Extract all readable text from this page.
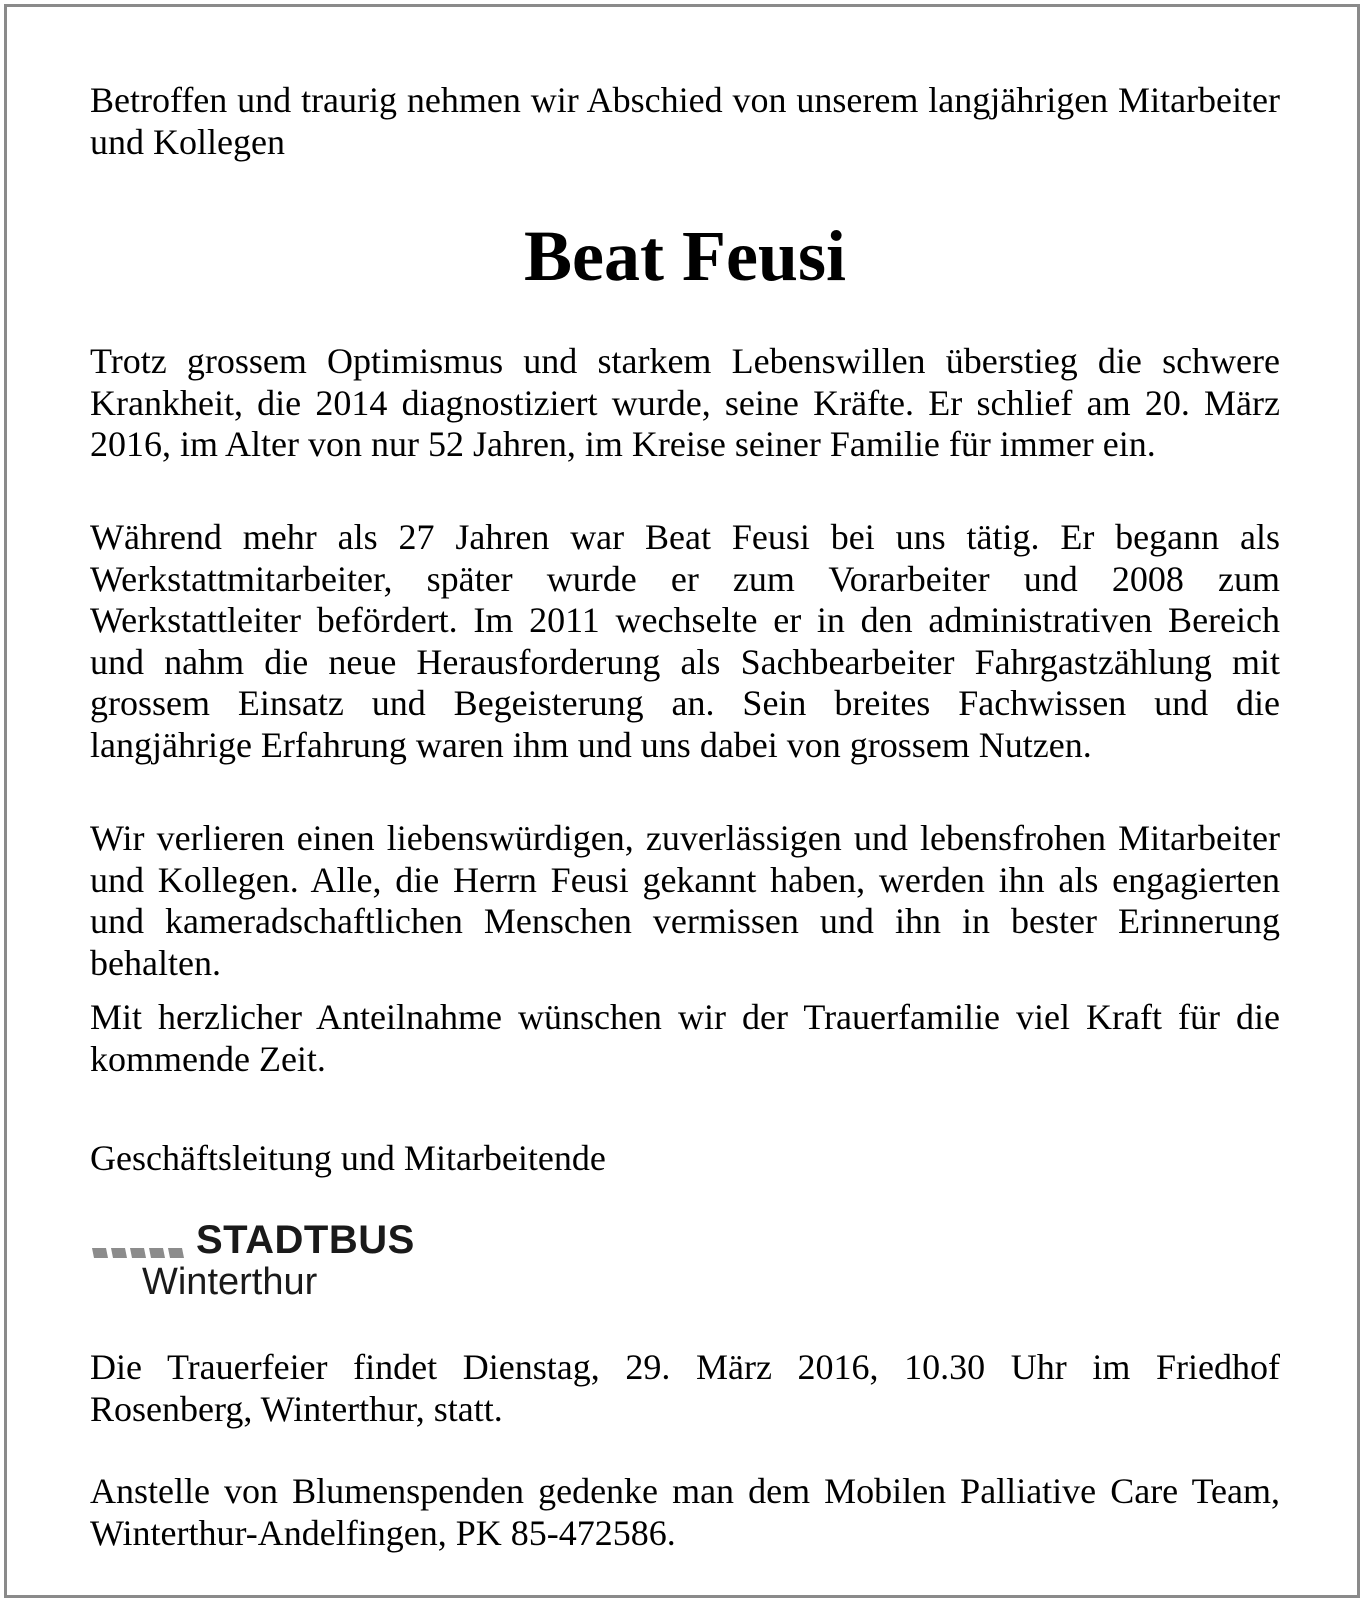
Betroffen und traurig nehmen wir Abschied von unserem langjährigen Mitarbeiter und Kollegen

Beat Feusi

Trotz grossem Optimismus und starkem Lebenswillen überstieg die schwere Krankheit, die 2014 diagnostiziert wurde, seine Kräfte. Er schlief am 20. März 2016, im Alter von nur 52 Jahren, im Kreise seiner Familie für immer ein.

Während mehr als 27 Jahren war Beat Feusi bei uns tätig. Er begann als Werkstattmitarbeiter, später wurde er zum Vorarbeiter und 2008 zum Werkstattleiter befördert. Im 2011 wechselte er in den administrativen Bereich und nahm die neue Herausforderung als Sachbearbeiter Fahrgastzählung mit grossem Einsatz und Begeisterung an. Sein breites Fachwissen und die langjährige Erfahrung waren ihm und uns dabei von grossem Nutzen.

Wir verlieren einen liebenswürdigen, zuverlässigen und lebensfrohen Mitarbeiter und Kollegen. Alle, die Herrn Feusi gekannt haben, werden ihn als engagierten und kameradschaftlichen Menschen vermissen und ihn in bester Erinnerung behalten.

Mit herzlicher Anteilnahme wünschen wir der Trauerfamilie viel Kraft für die kommende Zeit.

Geschäftsleitung und Mitarbeitende

STADTBUS
Winterthur

Die Trauerfeier findet Dienstag, 29. März 2016, 10.30 Uhr im Friedhof Rosenberg, Winterthur, statt.

Anstelle von Blumenspenden gedenke man dem Mobilen Palliative Care Team, Winterthur-Andelfingen, PK 85-472586.
